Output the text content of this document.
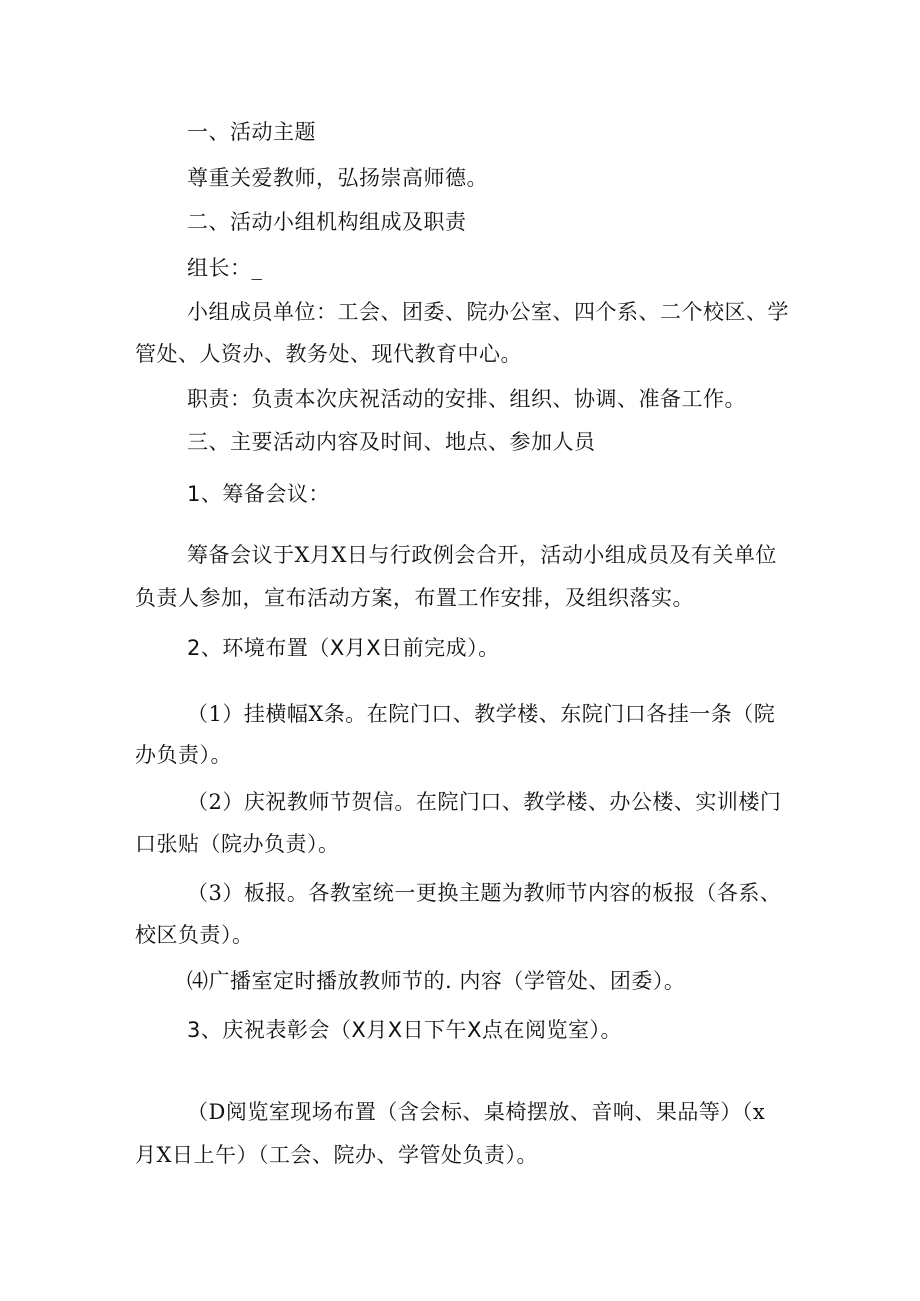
一、活动主题
尊重关爱教师，弘扬崇高师德。
二、活动小组机构组成及职责
组长：_
小组成员单位：工会、团委、院办公室、四个系、二个校区、学
管处、人资办、教务处、现代教育中心。
职责：负责本次庆祝活动的安排、组织、协调、准备工作。
三、主要活动内容及时间、地点、参加人员
1、筹备会议：
筹备会议于X月X日与行政例会合开，活动小组成员及有关单位
负责人参加，宣布活动方案，布置工作安排，及组织落实。
2、环境布置（X月X日前完成）。
（1）挂横幅X条。在院门口、教学楼、东院门口各挂一条（院
办负责）。
（2）庆祝教师节贺信。在院门口、教学楼、办公楼、实训楼门
口张贴（院办负责）。
（3）板报。各教室统一更换主题为教师节内容的板报（各系、
校区负责）。
⑷广播室定时播放教师节的. 内容（学管处、团委）。
3、庆祝表彰会（X月X日下午X点在阅览室）。
（D阅览室现场布置（含会标、桌椅摆放、音响、果品等）（x
月X日上午）（工会、院办、学管处负责）。
